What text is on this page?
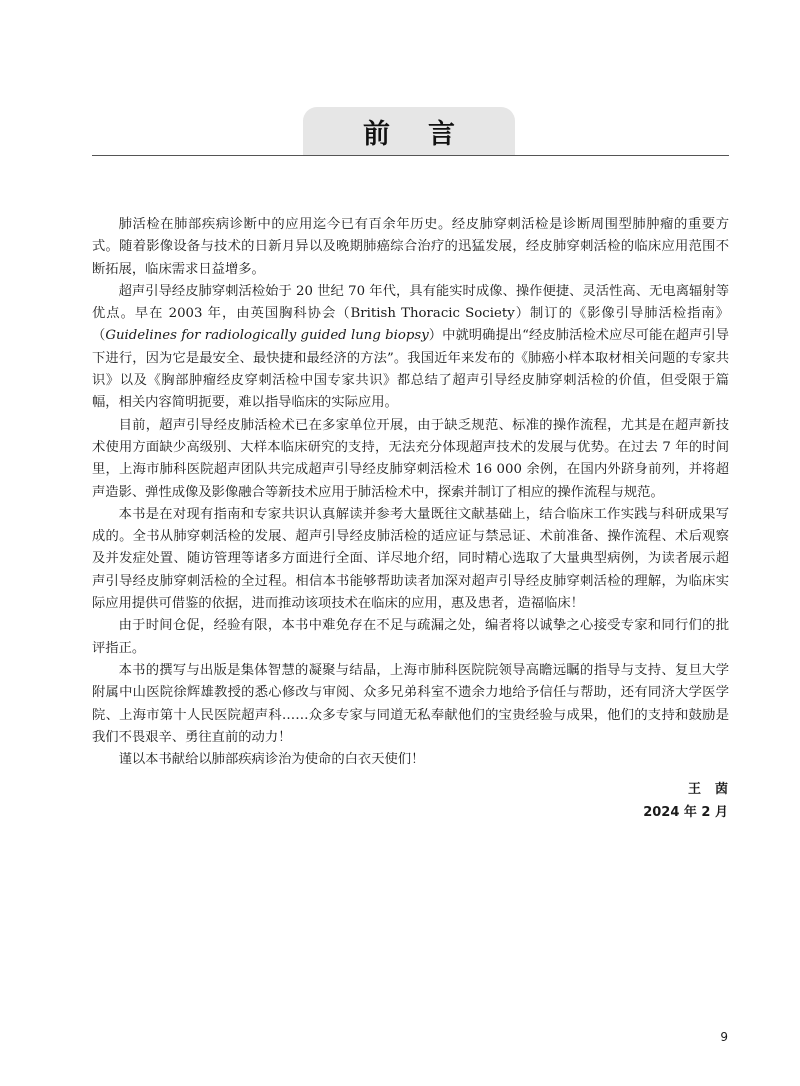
前言

肺活检在肺部疾病诊断中的应用迄今已有百余年历史。经皮肺穿刺活检是诊断周围型肺肿瘤的重要方式。随着影像设备与技术的日新月异以及晚期肺癌综合治疗的迅猛发展，经皮肺穿刺活检的临床应用范围不断拓展，临床需求日益增多。

超声引导经皮肺穿刺活检始于 20 世纪 70 年代，具有能实时成像、操作便捷、灵活性高、无电离辐射等优点。早在 2003 年，由英国胸科协会（British Thoracic Society）制订的《影像引导肺活检指南》（Guidelines for radiologically guided lung biopsy）中就明确提出“经皮肺活检术应尽可能在超声引导下进行，因为它是最安全、最快捷和最经济的方法”。我国近年来发布的《肺癌小样本取材相关问题的专家共识》以及《胸部肿瘤经皮穿刺活检中国专家共识》都总结了超声引导经皮肺穿刺活检的价值，但受限于篇幅，相关内容简明扼要，难以指导临床的实际应用。

目前，超声引导经皮肺活检术已在多家单位开展，由于缺乏规范、标准的操作流程，尤其是在超声新技术使用方面缺少高级别、大样本临床研究的支持，无法充分体现超声技术的发展与优势。在过去 7 年的时间里，上海市肺科医院超声团队共完成超声引导经皮肺穿刺活检术 16 000 余例，在国内外跻身前列，并将超声造影、弹性成像及影像融合等新技术应用于肺活检术中，探索并制订了相应的操作流程与规范。

本书是在对现有指南和专家共识认真解读并参考大量既往文献基础上，结合临床工作实践与科研成果写成的。全书从肺穿刺活检的发展、超声引导经皮肺活检的适应证与禁忌证、术前准备、操作流程、术后观察及并发症处置、随访管理等诸多方面进行全面、详尽地介绍，同时精心选取了大量典型病例，为读者展示超声引导经皮肺穿刺活检的全过程。相信本书能够帮助读者加深对超声引导经皮肺穿刺活检的理解，为临床实际应用提供可借鉴的依据，进而推动该项技术在临床的应用，惠及患者，造福临床！

由于时间仓促，经验有限，本书中难免存在不足与疏漏之处，编者将以诚挚之心接受专家和同行们的批评指正。

本书的撰写与出版是集体智慧的凝聚与结晶，上海市肺科医院院领导高瞻远瞩的指导与支持、复旦大学附属中山医院徐辉雄教授的悉心修改与审阅、众多兄弟科室不遗余力地给予信任与帮助，还有同济大学医学院、上海市第十人民医院超声科……众多专家与同道无私奉献他们的宝贵经验与成果，他们的支持和鼓励是我们不畏艰辛、勇往直前的动力！

谨以本书献给以肺部疾病诊治为使命的白衣天使们！

王茵
2024 年 2 月
9
